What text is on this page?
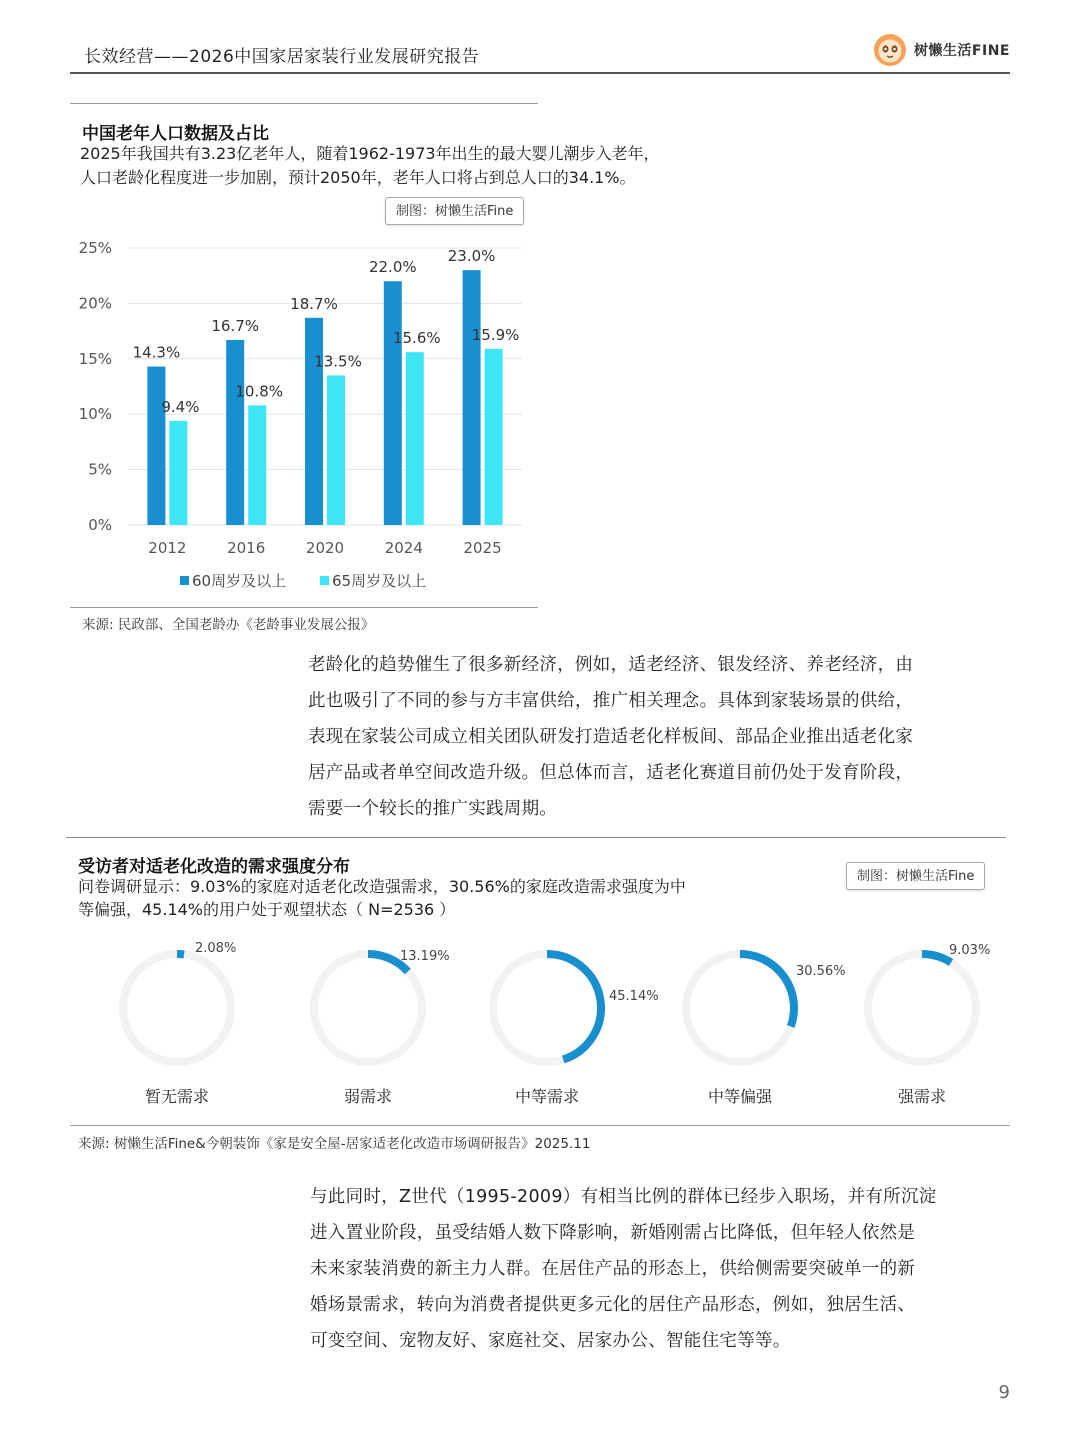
长效经营——2026中国家居家装行业发展研究报告	树懒生活FINE
中国老年人口数据及占比
2025年我国共有3.23亿老年人，随着1962-1973年出生的最大婴儿潮步入老年，
人口老龄化程度进一步加剧，预计2050年，老年人口将占到总人口的34.1%。
制图：树懒生活Fine
0%
5%
10%
15%
20%
25%
14.3%
9.4%
2012
16.7%
10.8%
2016
18.7%
13.5%
2020
22.0%
15.6%
2024
23.0%
15.9%
2025
60周岁及以上	65周岁及以上
来源: 民政部、全国老龄办《老龄事业发展公报》

老龄化的趋势催生了很多新经济，例如，适老经济、银发经济、养老经济，由

此也吸引了不同的参与方丰富供给，推广相关理念。具体到家装场景的供给，

表现在家装公司成立相关团队研发打造适老化样板间、部品企业推出适老化家

居产品或者单空间改造升级。但总体而言，适老化赛道目前仍处于发育阶段，

需要一个较长的推广实践周期。

受访者对适老化改造的需求强度分布
问卷调研显示：9.03%的家庭对适老化改造强需求，30.56%的家庭改造需求强度为中
等偏强，45.14%的用户处于观望状态（ N=2536 ）
制图：树懒生活Fine
2.08%
暂无需求
13.19%
弱需求
45.14%
中等需求
30.56%
中等偏强
9.03%
强需求
来源: 树懒生活Fine&今朝装饰《家是安全屋-居家适老化改造市场调研报告》2025.11

与此同时，Z世代（1995-2009）有相当比例的群体已经步入职场，并有所沉淀

进入置业阶段，虽受结婚人数下降影响，新婚刚需占比降低，但年轻人依然是

未来家装消费的新主力人群。在居住产品的形态上，供给侧需要突破单一的新

婚场景需求，转向为消费者提供更多元化的居住产品形态，例如，独居生活、

可变空间、宠物友好、家庭社交、居家办公、智能住宅等等。

9
